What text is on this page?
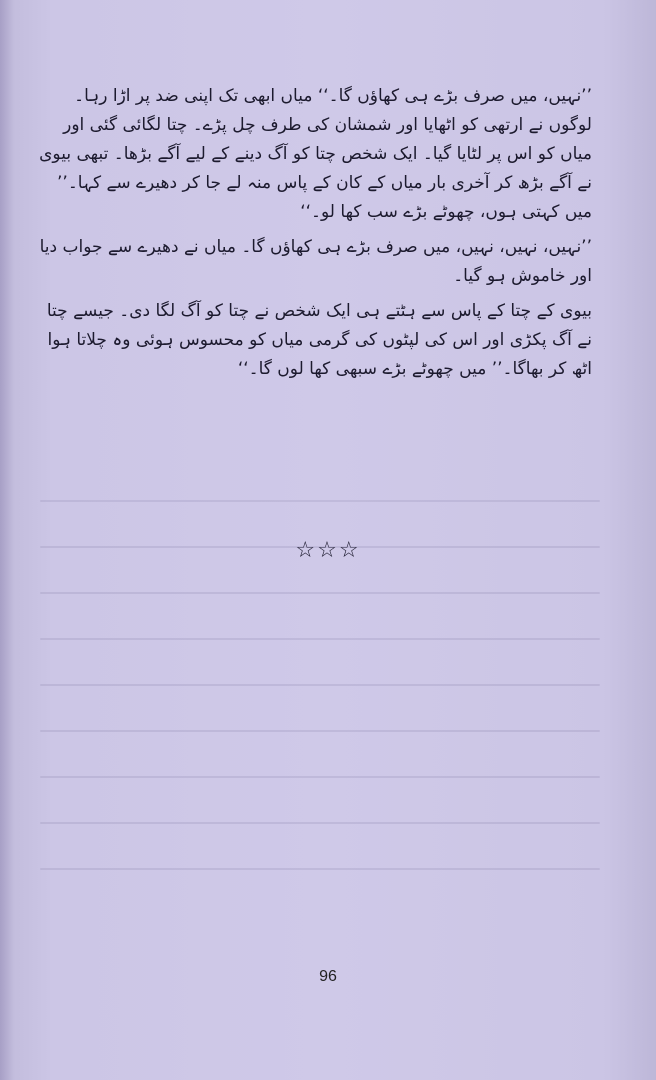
’’نہیں، میں صرف بڑے ہی کھاؤں گا۔‘‘ میاں ابھی تک اپنی ضد پر اڑا رہا۔ لوگوں نے ارتھی کو اٹھایا اور شمشان کی طرف چل پڑے۔ چتا لگائی گئی اور میاں کو اس پر لٹایا گیا۔ ایک شخص چتا کو آگ دینے کے لیے آگے بڑھا۔ تبھی بیوی نے آگے بڑھ کر آخری بار میاں کے کان کے پاس منہ لے جا کر دھیرے سے کہا۔’’ میں کہتی ہوں، چھوٹے بڑے سب کھا لو۔‘‘

’’نہیں، نہیں، نہیں، میں صرف بڑے ہی کھاؤں گا۔ میاں نے دھیرے سے جواب دیا اور خاموش ہو گیا۔

بیوی کے چتا کے پاس سے ہٹتے ہی ایک شخص نے چتا کو آگ لگا دی۔ جیسے چتا نے آگ پکڑی اور اس کی لپٹوں کی گرمی میاں کو محسوس ہوئی وہ چلاتا ہوا اٹھ کر بھاگا۔’’ میں چھوٹے بڑے سبھی کھا لوں گا۔‘‘

☆☆☆
96
